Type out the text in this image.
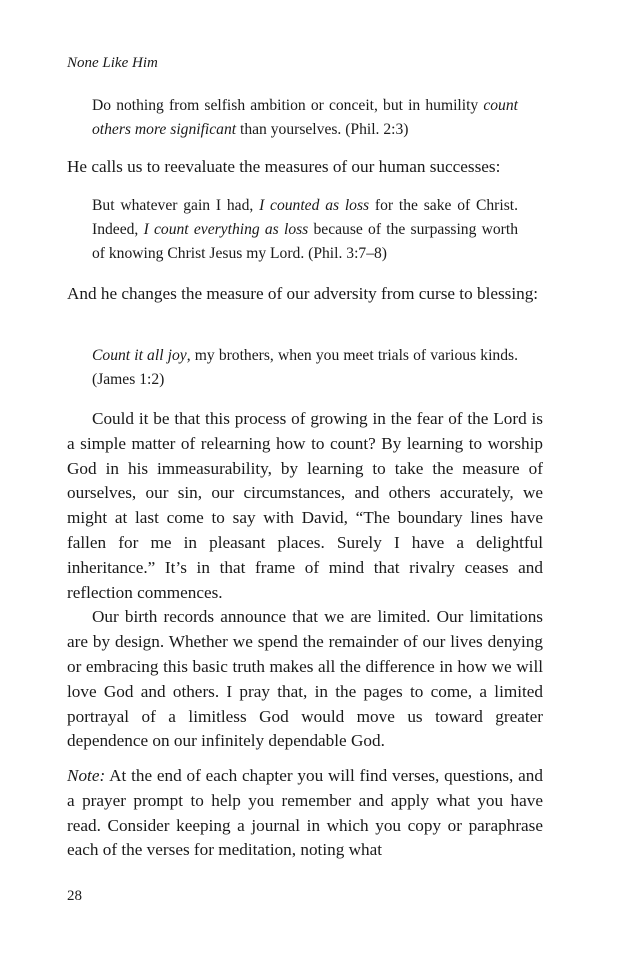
None Like Him
Do nothing from selfish ambition or conceit, but in humility count others more significant than yourselves. (Phil. 2:3)
He calls us to reevaluate the measures of our human successes:
But whatever gain I had, I counted as loss for the sake of Christ. Indeed, I count everything as loss because of the surpassing worth of knowing Christ Jesus my Lord. (Phil. 3:7–8)
And he changes the measure of our adversity from curse to blessing:
Count it all joy, my brothers, when you meet trials of various kinds. (James 1:2)

Could it be that this process of growing in the fear of the Lord is a simple matter of relearning how to count? By learning to worship God in his immeasurability, by learning to take the measure of ourselves, our sin, our circumstances, and others accurately, we might at last come to say with David, “The boundary lines have fallen for me in pleasant places. Surely I have a delightful inheritance.” It’s in that frame of mind that rivalry ceases and reflection commences.

Our birth records announce that we are limited. Our limitations are by design. Whether we spend the remainder of our lives denying or embracing this basic truth makes all the difference in how we will love God and others. I pray that, in the pages to come, a limited portrayal of a limitless God would move us toward greater dependence on our infinitely dependable God.

Note: At the end of each chapter you will find verses, questions, and a prayer prompt to help you remember and apply what you have read. Consider keeping a journal in which you copy or paraphrase each of the verses for meditation, noting what
28
